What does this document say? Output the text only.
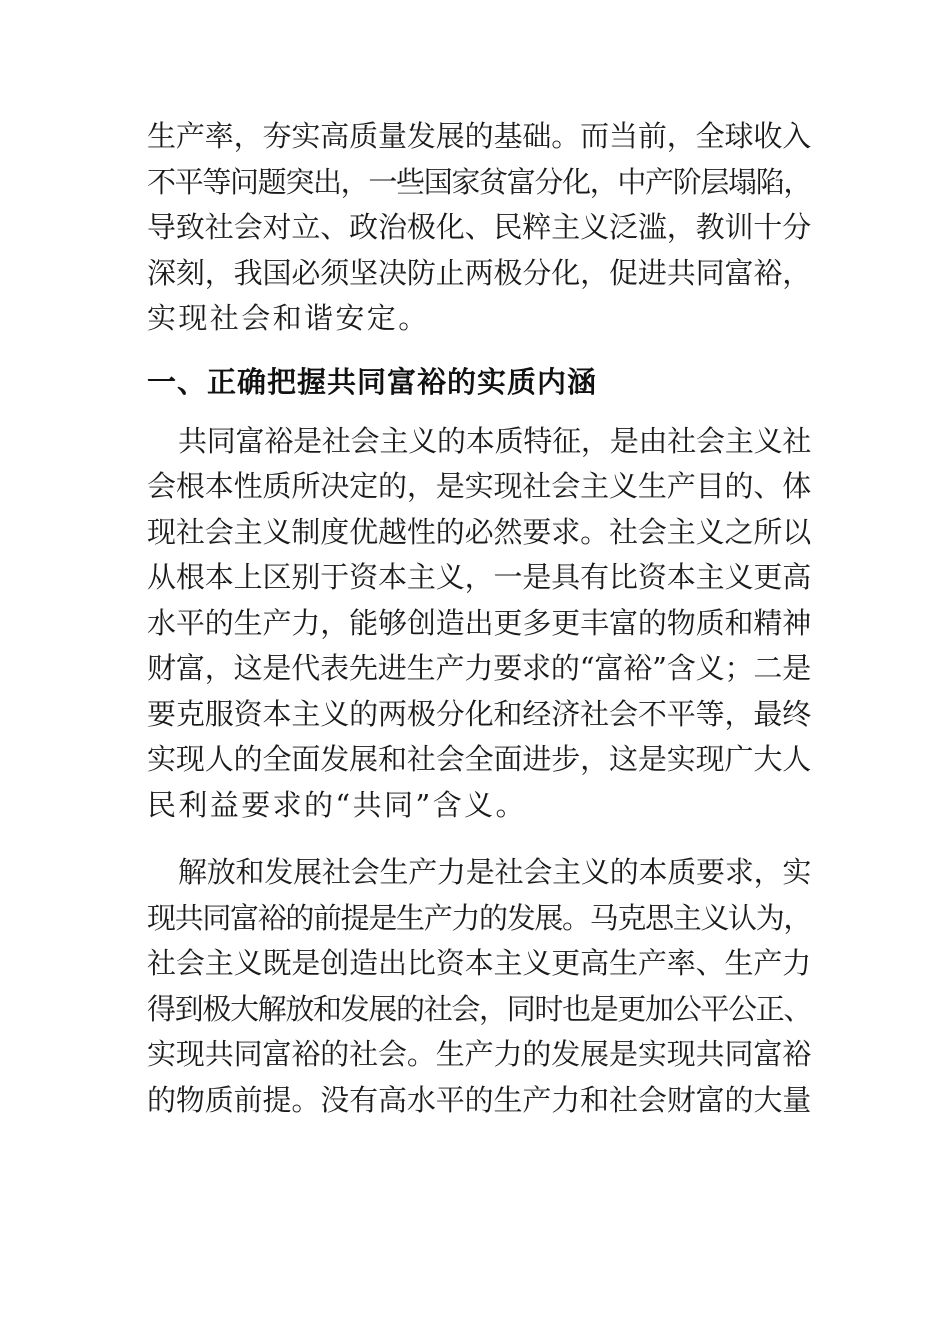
生产率，夯实高质量发展的基础。而当前，全球收入
不平等问题突出，一些国家贫富分化，中产阶层塌陷，
导致社会对立、政治极化、民粹主义泛滥，教训十分
深刻，我国必须坚决防止两极分化，促进共同富裕，
实现社会和谐安定。

一、正确把握共同富裕的实质内涵

共同富裕是社会主义的本质特征，是由社会主义社
会根本性质所决定的，是实现社会主义生产目的、体
现社会主义制度优越性的必然要求。社会主义之所以
从根本上区别于资本主义，一是具有比资本主义更高
水平的生产力，能够创造出更多更丰富的物质和精神
财富，这是代表先进生产力要求的“富裕”含义；二是
要克服资本主义的两极分化和经济社会不平等，最终
实现人的全面发展和社会全面进步，这是实现广大人
民利益要求的“共同”含义。

解放和发展社会生产力是社会主义的本质要求，实
现共同富裕的前提是生产力的发展。马克思主义认为，
社会主义既是创造出比资本主义更高生产率、生产力
得到极大解放和发展的社会，同时也是更加公平公正、
实现共同富裕的社会。生产力的发展是实现共同富裕
的物质前提。没有高水平的生产力和社会财富的大量
